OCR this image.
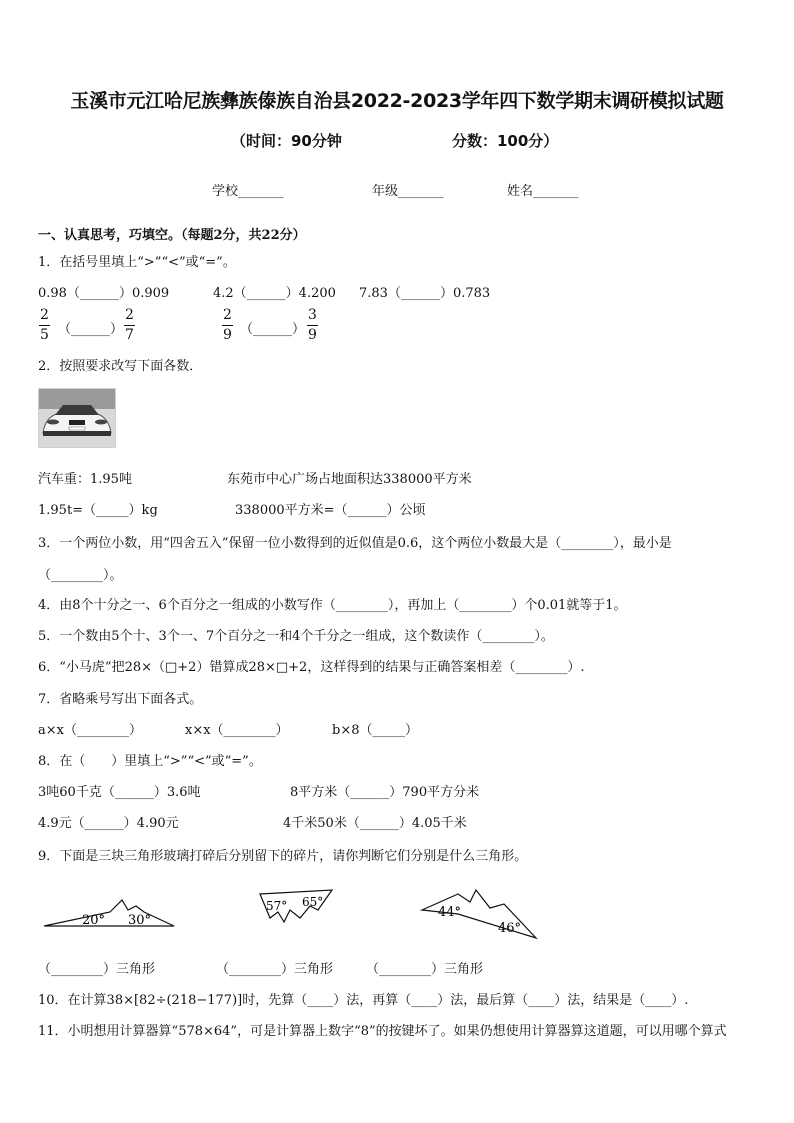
玉溪市元江哈尼族彝族傣族自治县2022-2023学年四下数学期末调研模拟试题
（时间：90分钟	分数：100分）
学校_______	年级_______	姓名_______
一、认真思考，巧填空。（每题2分，共22分）
1．在括号里填上“>”“<”或“=”。
0.98（______）0.909	4.2（______）4.200 7.83（______）0.783
2
5 （______）
2
7
2
9 （______）
3
9
2．按照要求改写下面各数．
汽车重：1.95吨	东苑市中心广场占地面积达338000平方米
1.95t=（_____）kg	338000平方米=（______）公顷
3．一个两位小数，用“四舍五入”保留一位小数得到的近似值是0.6，这个两位小数最大是（________），最小是
（________）。
4．由8个十分之一、6个百分之一组成的小数写作（________），再加上（________）个0.01就等于1。
5．一个数由5个十、3个一、7个百分之一和4个千分之一组成，这个数读作（________）。
6．“小马虎”把28×（□+2）错算成28×□+2，这样得到的结果与正确答案相差（________）.
7．省略乘号写出下面各式。
a×x（________）	x×x（________）	b×8（_____）
8．在（　　）里填上“>”“<”或“=”。
3吨60千克（______）3.6吨	8平方米（______）790平方分米
4.9元（______）4.90元	4千米50米（______）4.05千米
9．下面是三块三角形玻璃打碎后分别留下的碎片，请你判断它们分别是什么三角形。
20° 30°
57° 65°
44°
46°
（________）三角形	（________）三角形	（________）三角形
10．在计算38×[82÷(218−177)]时，先算（____）法，再算（____）法，最后算（____）法，结果是（____）.
11．小明想用计算器算“578×64”，可是计算器上数字“8”的按键坏了。如果仍想使用计算器算这道题，可以用哪个算式
